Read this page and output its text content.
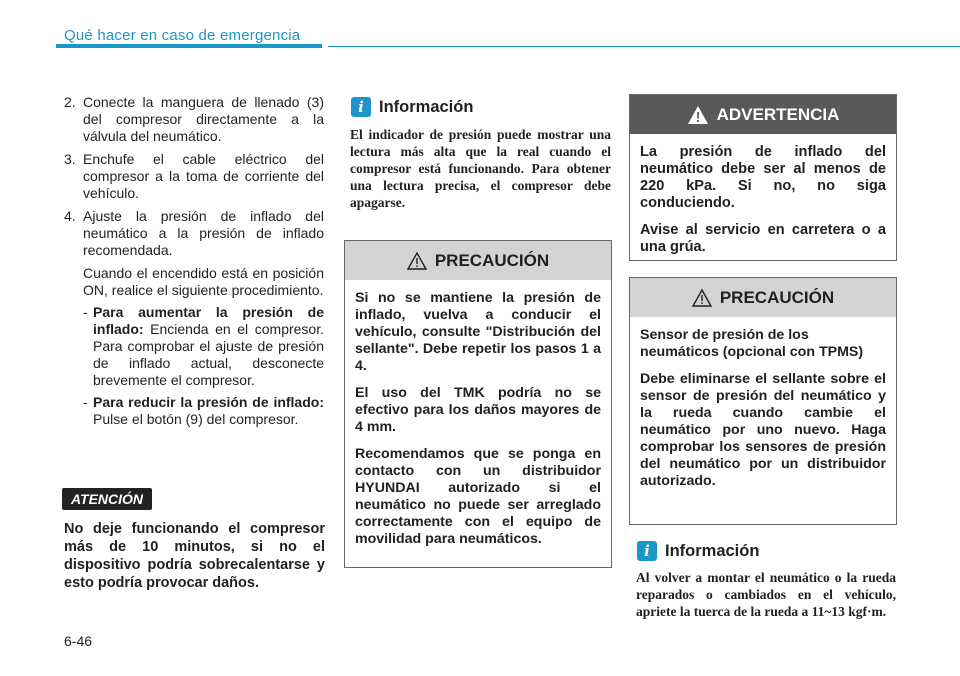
Qué hacer en caso de emergencia
2. Conecte la manguera de llenado (3) del compresor directamente a la válvula del neumático.
3. Enchufe el cable eléctrico del compresor a la toma de corriente del vehículo.
4. Ajuste la presión de inflado del neumático a la presión de inflado recomendada.
Cuando el encendido está en posición ON, realice el siguiente procedimiento.
- Para aumentar la presión de inflado: Encienda en el compresor. Para comprobar el ajuste de presión de inflado actual, desconecte brevemente el compresor.
- Para reducir la presión de inflado: Pulse el botón (9) del compresor.
ATENCIÓN
No deje funcionando el compresor más de 10 minutos, si no el dispositivo podría sobrecalentarse y esto podría provocar daños.
i Información
El indicador de presión puede mostrar una lectura más alta que la real cuando el compresor está funcionando. Para obtener una lectura precisa, el compresor debe apagarse.
PRECAUCIÓN

Si no se mantiene la presión de inflado, vuelva a conducir el vehículo, consulte "Distribución del sellante". Debe repetir los pasos 1 a 4.

El uso del TMK podría no se efectivo para los daños mayores de 4 mm.

Recomendamos que se ponga en contacto con un distribuidor HYUNDAI autorizado si el neumático no puede ser arreglado correctamente con el equipo de movilidad para neumáticos.

ADVERTENCIA

La presión de inflado del neumático debe ser al menos de 220 kPa. Si no, no siga conduciendo.

Avise al servicio en carretera o a una grúa.

PRECAUCIÓN

Sensor de presión de los neumáticos (opcional con TPMS)

Debe eliminarse el sellante sobre el sensor de presión del neumático y la rueda cuando cambie el neumático por uno nuevo. Haga comprobar los sensores de presión del neumático por un distribuidor autorizado.

i Información
Al volver a montar el neumático o la rueda reparados o cambiados en el vehículo, apriete la tuerca de la rueda a 11~13 kgf·m.
6-46
